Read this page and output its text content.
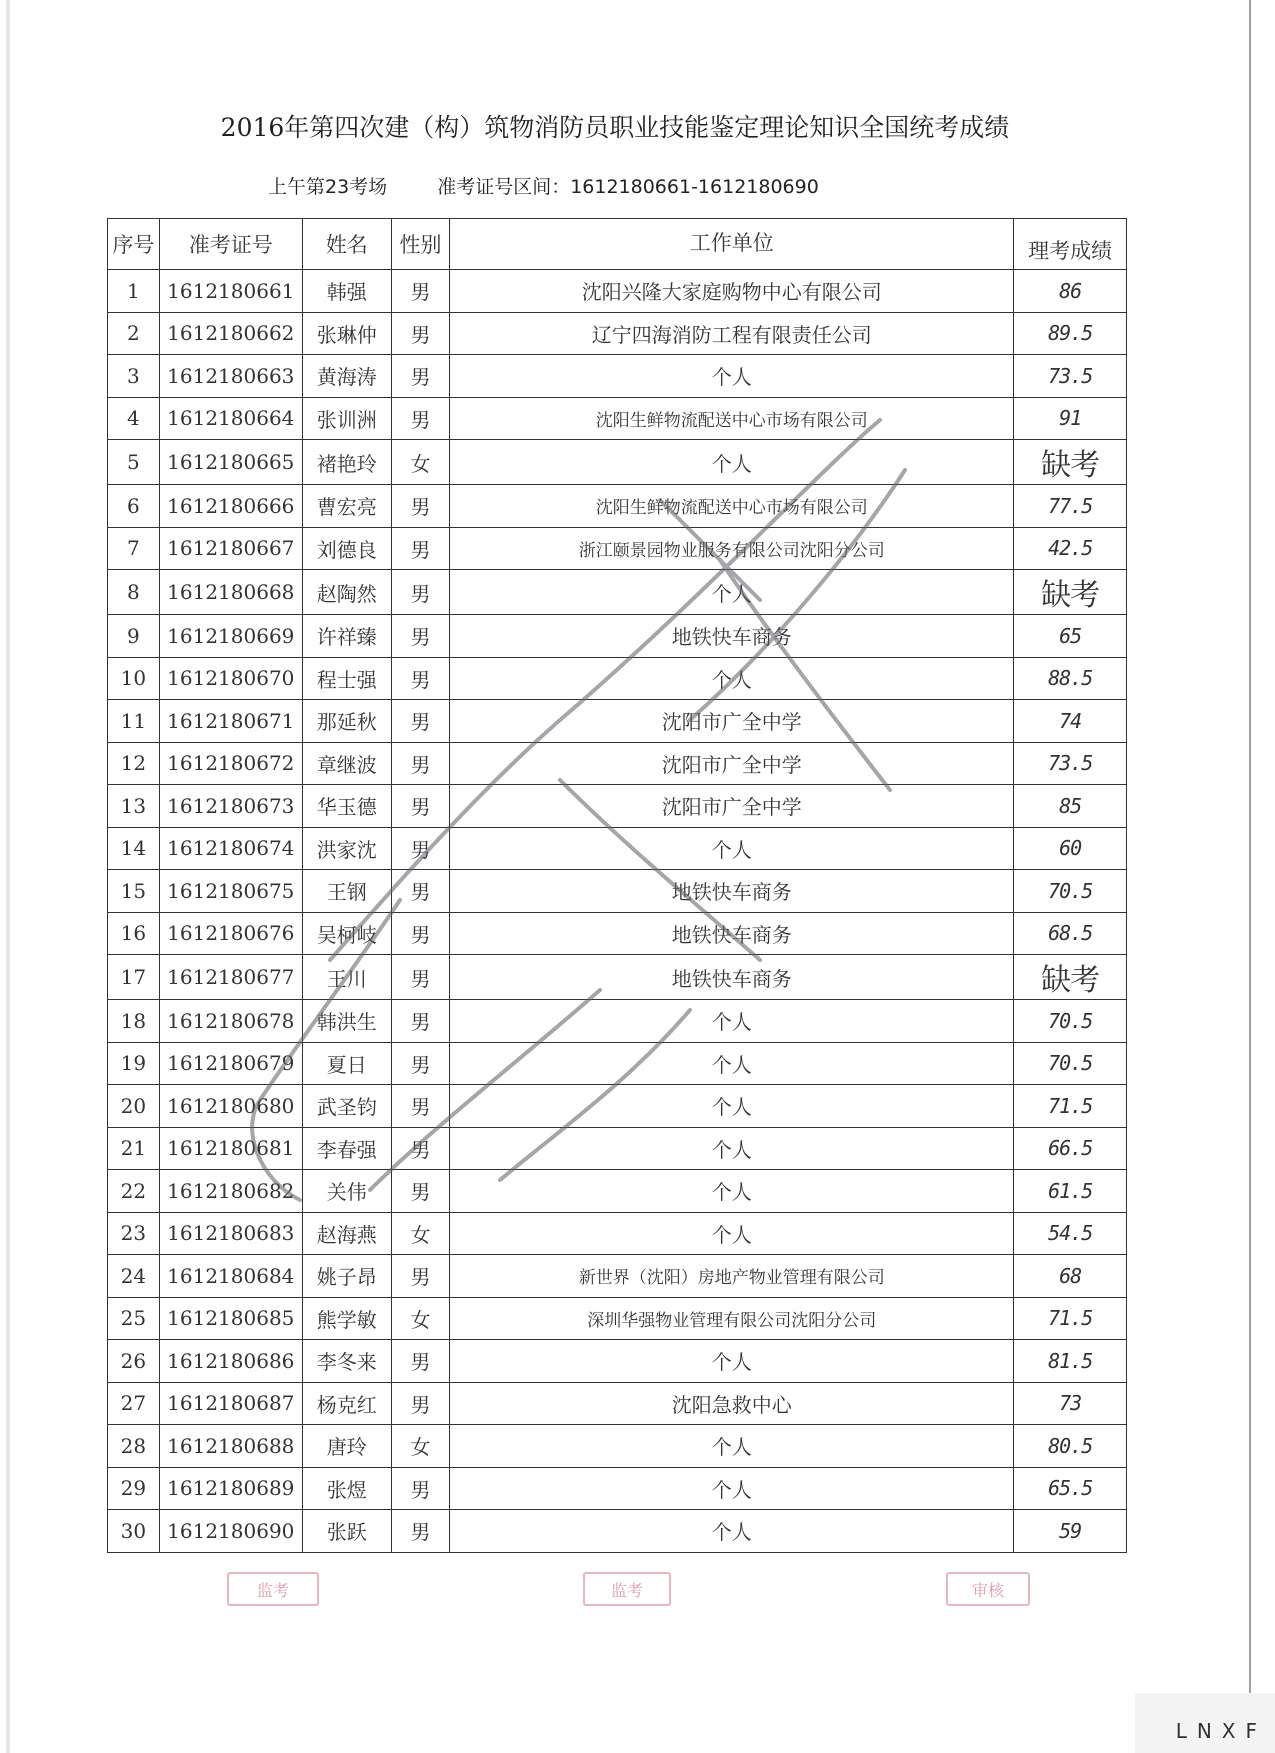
2016年第四次建（构）筑物消防员职业技能鉴定理论知识全国统考成绩
上午第23考场	准考证号区间：1612180661-1612180690
序号	准考证号	姓名	性别	工作单位	理考成绩
1	1612180661	韩强	男	沈阳兴隆大家庭购物中心有限公司	86
2	1612180662	张琳仲	男	辽宁四海消防工程有限责任公司	89.5
3	1612180663	黄海涛	男	个人	73.5
4	1612180664	张训洲	男	沈阳生鲜物流配送中心市场有限公司	91
5	1612180665	褚艳玲	女	个人	缺考
6	1612180666	曹宏亮	男	沈阳生鲜物流配送中心市场有限公司	77.5
7	1612180667	刘德良	男	浙江颐景园物业服务有限公司沈阳分公司	42.5
8	1612180668	赵陶然	男	个人	缺考
9	1612180669	许祥臻	男	地铁快车商务	65
10	1612180670	程士强	男	个人	88.5
11	1612180671	那延秋	男	沈阳市广全中学	74
12	1612180672	章继波	男	沈阳市广全中学	73.5
13	1612180673	华玉德	男	沈阳市广全中学	85
14	1612180674	洪家沈	男	个人	60
15	1612180675	王钢	男	地铁快车商务	70.5
16	1612180676	吴柯岐	男	地铁快车商务	68.5
17	1612180677	王川	男	地铁快车商务	缺考
18	1612180678	韩洪生	男	个人	70.5
19	1612180679	夏日	男	个人	70.5
20	1612180680	武圣钧	男	个人	71.5
21	1612180681	李春强	男	个人	66.5
22	1612180682	关伟	男	个人	61.5
23	1612180683	赵海燕	女	个人	54.5
24	1612180684	姚子昂	男	新世界（沈阳）房地产物业管理有限公司	68
25	1612180685	熊学敏	女	深圳华强物业管理有限公司沈阳分公司	71.5
26	1612180686	李冬来	男	个人	81.5
27	1612180687	杨克红	男	沈阳急救中心	73
28	1612180688	唐玲	女	个人	80.5
29	1612180689	张煜	男	个人	65.5
30	1612180690	张跃	男	个人	59
监考	监考	审核
LNXF
